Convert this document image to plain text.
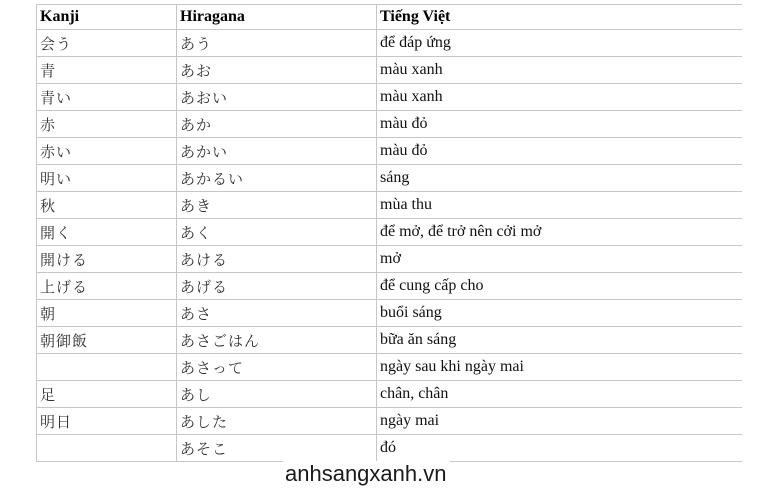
Kanji	Hiragana	Tiếng Việt
会う	あう	để đáp ứng
青	あお	màu xanh
青い	あおい	màu xanh
赤	あか	màu đỏ
赤い	あかい	màu đỏ
明い	あかるい	sáng
秋	あき	mùa thu
開く	あく	để mở, để trở nên cởi mở
開ける	あける	mở
上げる	あげる	để cung cấp cho
朝	あさ	buổi sáng
朝御飯	あさごはん	bữa ăn sáng
	あさって	ngày sau khi ngày mai
足	あし	chân, chân
明日	あした	ngày mai
	あそこ	đó
anhsangxanh.vn
